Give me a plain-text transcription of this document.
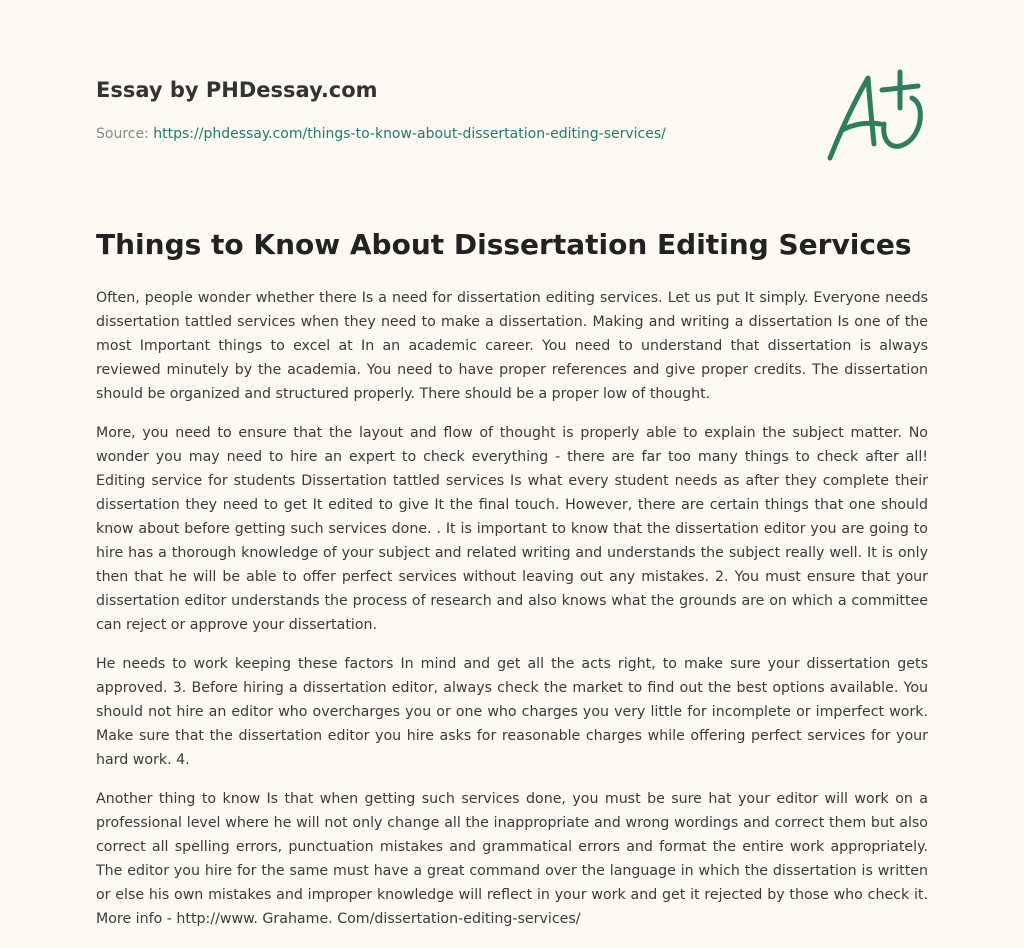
Essay by PHDessay.com
Source: https://phdessay.com/things-to-know-about-dissertation-editing-services/
Things to Know About Dissertation Editing Services

Often, people wonder whether there Is a need for dissertation editing services. Let us put It simply. Everyone needs dissertation tattled services when they need to make a dissertation. Making and writing a dissertation Is one of the most Important things to excel at In an academic career. You need to understand that dissertation is always reviewed minutely by the academia. You need to have proper references and give proper credits. The dissertation should be organized and structured properly. There should be a proper low of thought.

More, you need to ensure that the layout and flow of thought is properly able to explain the subject matter. No wonder you may need to hire an expert to check everything - there are far too many things to check after all! Editing service for students Dissertation tattled services Is what every student needs as after they complete their dissertation they need to get It edited to give It the final touch. However, there are certain things that one should know about before getting such services done. . It is important to know that the dissertation editor you are going to hire has a thorough knowledge of your subject and related writing and understands the subject really well. It is only then that he will be able to offer perfect services without leaving out any mistakes. 2. You must ensure that your dissertation editor understands the process of research and also knows what the grounds are on which a committee can reject or approve your dissertation.

He needs to work keeping these factors In mind and get all the acts right, to make sure your dissertation gets approved. 3. Before hiring a dissertation editor, always check the market to find out the best options available. You should not hire an editor who overcharges you or one who charges you very little for incomplete or imperfect work. Make sure that the dissertation editor you hire asks for reasonable charges while offering perfect services for your hard work. 4.

Another thing to know Is that when getting such services done, you must be sure hat your editor will work on a professional level where he will not only change all the inappropriate and wrong wordings and correct them but also correct all spelling errors, punctuation mistakes and grammatical errors and format the entire work appropriately. The editor you hire for the same must have a great command over the language in which the dissertation is written or else his own mistakes and improper knowledge will reflect in your work and get it rejected by those who check it. More info - http://www. Grahame. Com/dissertation-editing-services/
